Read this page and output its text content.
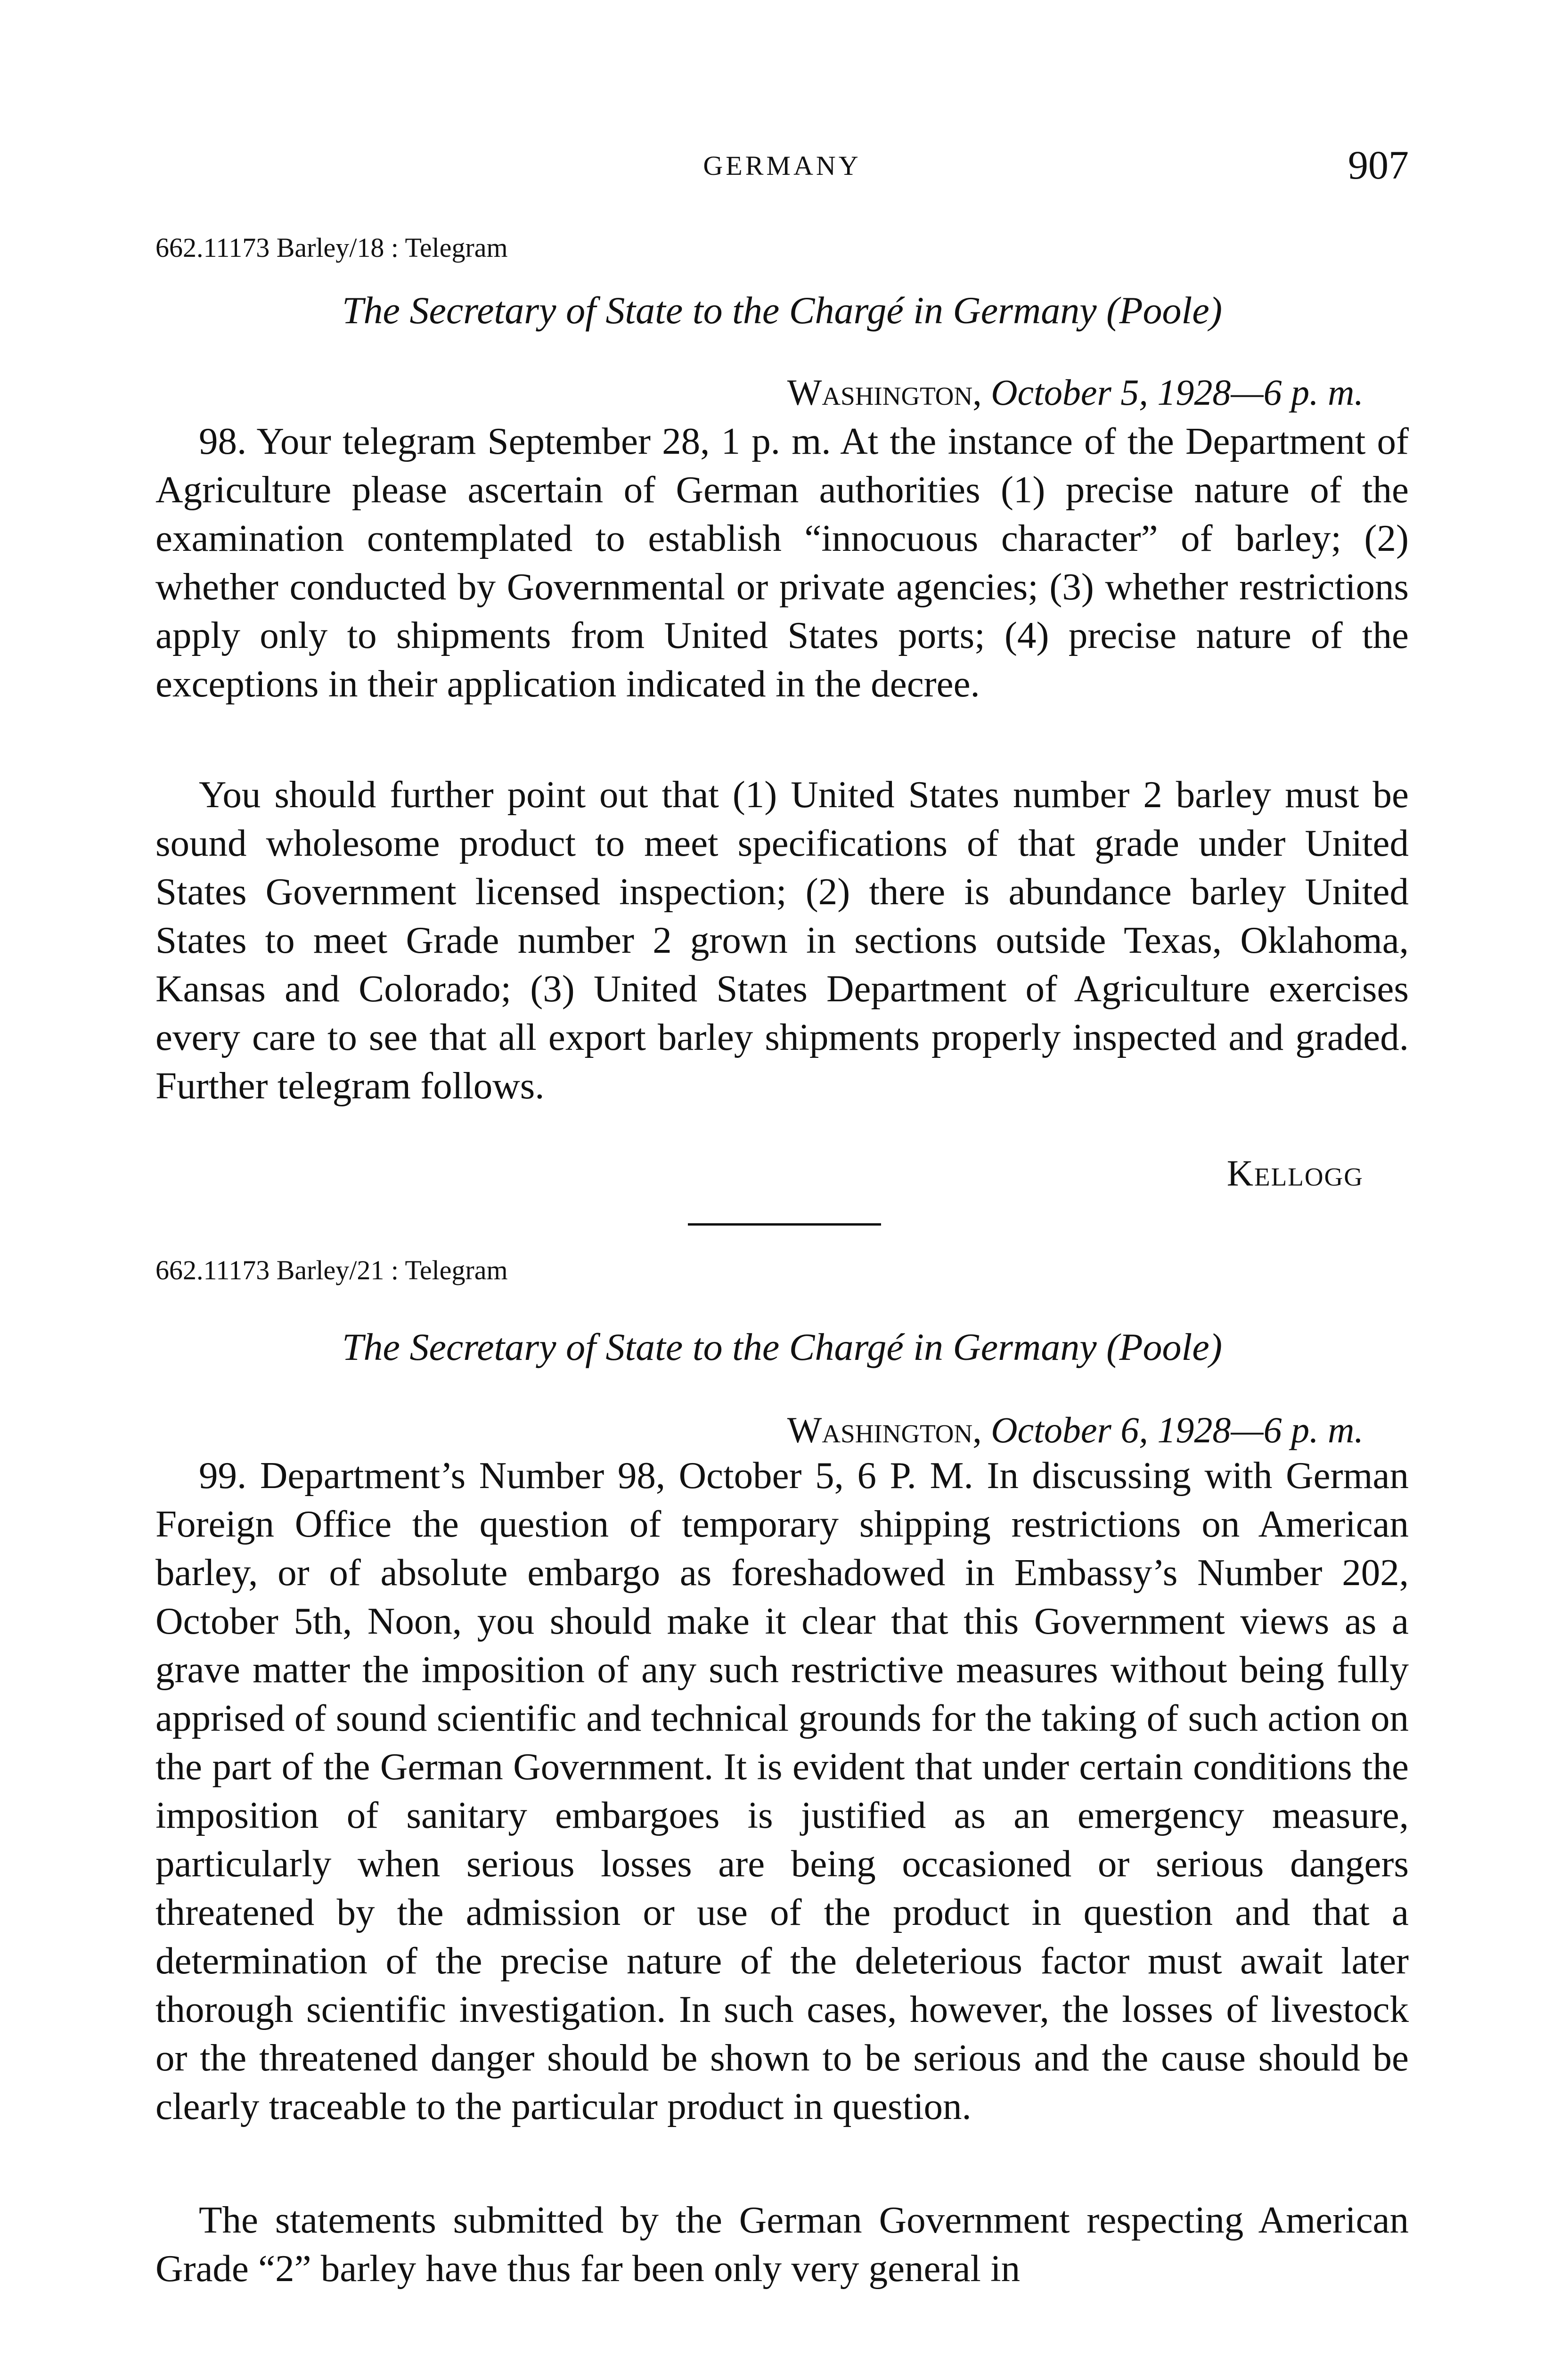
GERMANY	907
662.11173 Barley/18 : Telegram
The Secretary of State to the Chargé in Germany (Poole)
Washington, October 5, 1928—6 p. m.

98. Your telegram September 28, 1 p. m. At the instance of the Department of Agriculture please ascertain of German authorities (1) precise nature of the examination contemplated to establish “innocuous character” of barley; (2) whether conducted by Governmental or private agencies; (3) whether restrictions apply only to shipments from United States ports; (4) precise nature of the exceptions in their application indicated in the decree.

You should further point out that (1) United States number 2 barley must be sound wholesome product to meet specifications of that grade under United States Government licensed inspection; (2) there is abundance barley United States to meet Grade number 2 grown in sections outside Texas, Oklahoma, Kansas and Colorado; (3) United States Department of Agriculture exercises every care to see that all export barley shipments properly inspected and graded. Further telegram follows.

Kellogg
662.11173 Barley/21 : Telegram
The Secretary of State to the Chargé in Germany (Poole)
Washington, October 6, 1928—6 p. m.

99. Department’s Number 98, October 5, 6 P. M. In discussing with German Foreign Office the question of temporary shipping restrictions on American barley, or of absolute embargo as foreshadowed in Embassy’s Number 202, October 5th, Noon, you should make it clear that this Government views as a grave matter the imposition of any such restrictive measures without being fully apprised of sound scientific and technical grounds for the taking of such action on the part of the German Government. It is evident that under certain conditions the imposition of sanitary embargoes is justified as an emergency measure, particularly when serious losses are being occasioned or serious dangers threatened by the admission or use of the product in question and that a determination of the precise nature of the deleterious factor must await later thorough scientific investigation. In such cases, however, the losses of livestock or the threatened danger should be shown to be serious and the cause should be clearly traceable to the particular product in question.

The statements submitted by the German Government respecting American Grade “2” barley have thus far been only very general in
